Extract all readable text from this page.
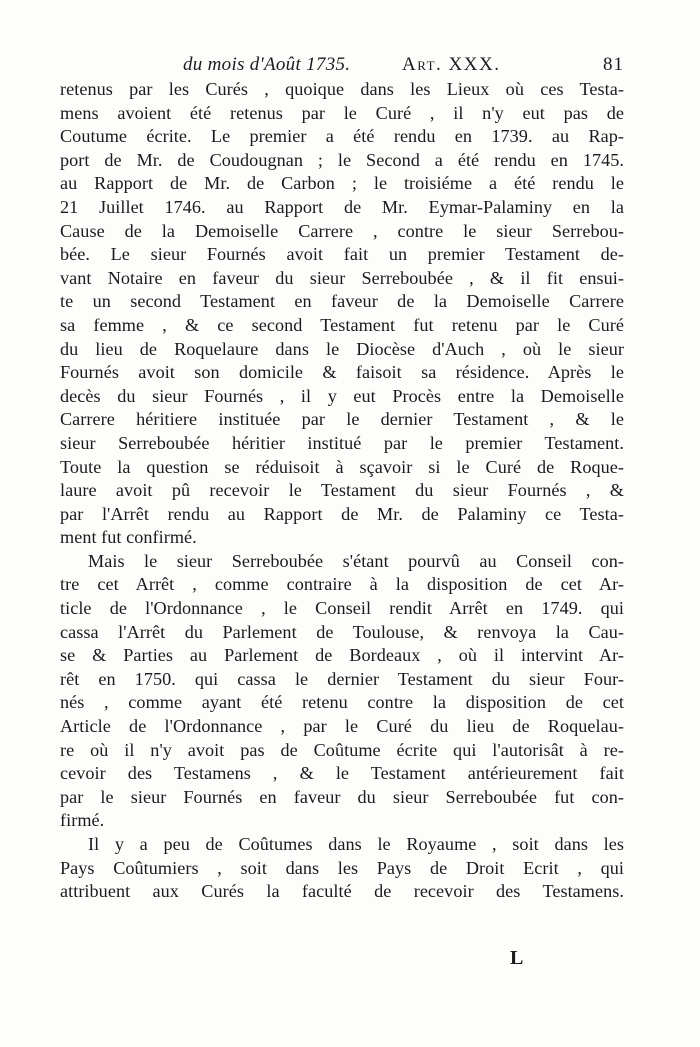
du mois d'Août 1735.	Art. XXX.	81
retenus par les Curés , quoique dans les Lieux où ces Testa-
mens avoient été retenus par le Curé , il n'y eut pas de
Coutume écrite. Le premier a été rendu en 1739. au Rap-
port de Mr. de Coudougnan ; le Second a été rendu en 1745.
au Rapport de Mr. de Carbon ; le troisiéme a été rendu le
21 Juillet 1746. au Rapport de Mr. Eymar-Palaminy en la
Cause de la Demoiselle Carrere , contre le sieur Serrebou-
bée. Le sieur Fournés avoit fait un premier Testament de-
vant Notaire en faveur du sieur Serreboubée , & il fit ensui-
te un second Testament en faveur de la Demoiselle Carrere
sa femme , & ce second Testament fut retenu par le Curé
du lieu de Roquelaure dans le Diocèse d'Auch , où le sieur
Fournés avoit son domicile & faisoit sa résidence. Après le
decès du sieur Fournés , il y eut Procès entre la Demoiselle
Carrere héritiere instituée par le dernier Testament , & le
sieur Serreboubée héritier institué par le premier Testament.
Toute la question se réduisoit à sçavoir si le Curé de Roque-
laure avoit pû recevoir le Testament du sieur Fournés , &
par l'Arrêt rendu au Rapport de Mr. de Palaminy ce Testa-
ment fut confirmé.
Mais le sieur Serreboubée s'étant pourvû au Conseil con-
tre cet Arrêt , comme contraire à la disposition de cet Ar-
ticle de l'Ordonnance , le Conseil rendit Arrêt en 1749. qui
cassa l'Arrêt du Parlement de Toulouse, & renvoya la Cau-
se & Parties au Parlement de Bordeaux , où il intervint Ar-
rêt en 1750. qui cassa le dernier Testament du sieur Four-
nés , comme ayant été retenu contre la disposition de cet
Article de l'Ordonnance , par le Curé du lieu de Roquelau-
re où il n'y avoit pas de Coûtume écrite qui l'autorisât à re-
cevoir des Testamens , & le Testament antérieurement fait
par le sieur Fournés en faveur du sieur Serreboubée fut con-
firmé.
Il y a peu de Coûtumes dans le Royaume , soit dans les
Pays Coûtumiers , soit dans les Pays de Droit Ecrit , qui
attribuent aux Curés la faculté de recevoir des Testamens.
L
